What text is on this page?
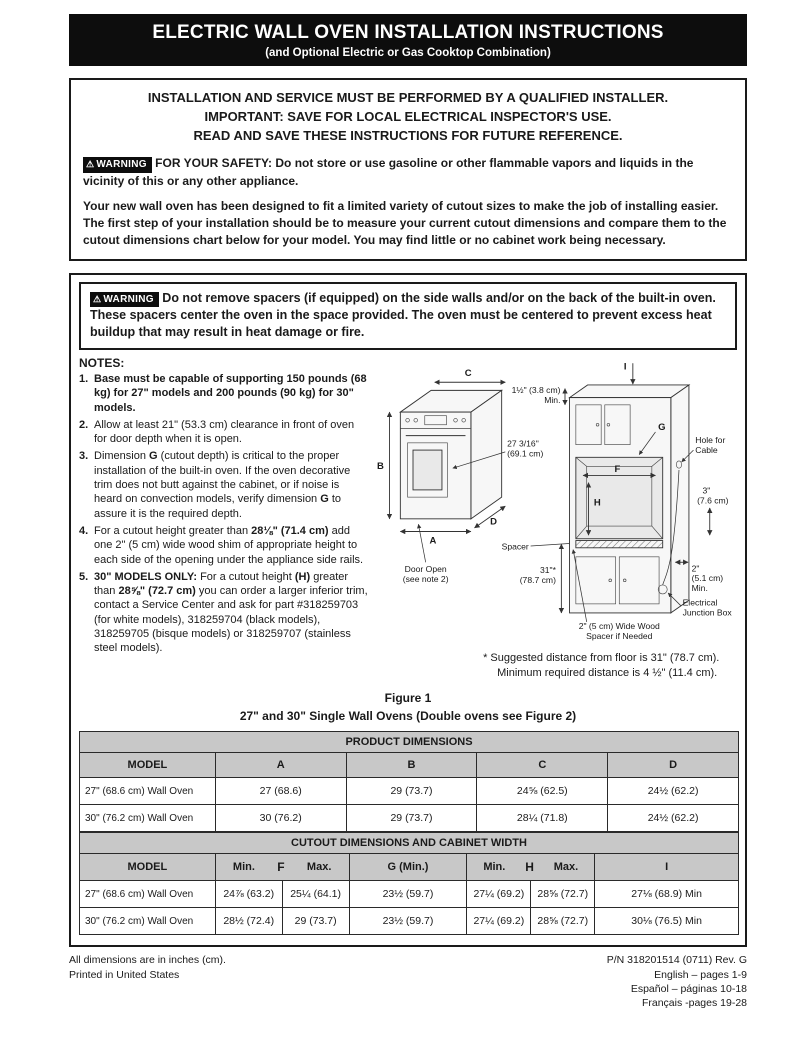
ELECTRIC WALL OVEN INSTALLATION INSTRUCTIONS
(and Optional Electric or Gas Cooktop Combination)
INSTALLATION AND SERVICE MUST BE PERFORMED BY A QUALIFIED INSTALLER.
IMPORTANT: SAVE FOR LOCAL ELECTRICAL INSPECTOR'S USE.
READ AND SAVE THESE INSTRUCTIONS FOR FUTURE REFERENCE.

⚠ WARNING FOR YOUR SAFETY: Do not store or use gasoline or other flammable vapors and liquids in the vicinity of this or any other appliance.

Your new wall oven has been designed to fit a limited variety of cutout sizes to make the job of installing easier. The first step of your installation should be to measure your current cutout dimensions and compare them to the cutout dimensions chart below for your model. You may find little or no cabinet work being necessary.

⚠ WARNING Do not remove spacers (if equipped) on the side walls and/or on the back of the built-in oven. These spacers center the oven in the space provided. The oven must be centered to prevent excess heat buildup that may result in heat damage or fire.
NOTES:
1. Base must be capable of supporting 150 pounds (68 kg) for 27" models and 200 pounds (90 kg) for 30" models.
2. Allow at least 21" (53.3 cm) clearance in front of oven for door depth when it is open.
3. Dimension G (cutout depth) is critical to the proper installation of the built-in oven. If the oven decorative trim does not butt against the cabinet, or if noise is heard on convection models, verify dimension G to assure it is the required depth.
4. For a cutout height greater than 28⅛" (71.4 cm) add one 2" (5 cm) wide wood shim of appropriate height to each side of the opening under the appliance side rails.
5. 30" MODELS ONLY: For a cutout height (H) greater than 28⅝" (72.7 cm) you can order a larger inferior trim, contact a Service Center and ask for part #318259703 (for white models), 318259704 (black models), 318259705 (bisque models) or 318259707 (stainless steel models).
C
B
A
D
27 3/16"
(69.1 cm)
Door Open
(see note 2)
Spacer
I
1½" (3.8 cm)
Min.
G
F
H
Hole for
Cable
3"
(7.6 cm)
31"*
(78.7 cm)
2"
(5.1 cm)
Min.
Electrical
Junction Box
2" (5 cm) Wide Wood
Spacer if Needed
* Suggested distance from floor is 31" (78.7 cm).
Minimum required distance is 4 ½" (11.4 cm).
Figure 1
27" and 30" Single Wall Ovens (Double ovens see Figure 2)
PRODUCT DIMENSIONS				
MODEL	A	B	C	D
27" (68.6 cm) Wall Oven	27 (68.6)	29 (73.7)	24⅝ (62.5)	24½ (62.2)
30" (76.2 cm) Wall Oven	30 (76.2)	29 (73.7)	28¼ (71.8)	24½ (62.2)
CUTOUT DIMENSIONS AND CABINET WIDTH						
MODEL	Min. F Max.		G (Min.)	Min. H Max.		I
27" (68.6 cm) Wall Oven	24⅞ (63.2)	25¼ (64.1)	23½ (59.7)	27¼ (69.2)	28⅝ (72.7)	27⅛ (68.9) Min
30" (76.2 cm) Wall Oven	28½ (72.4)	29 (73.7)	23½ (59.7)	27¼ (69.2)	28⅝ (72.7)	30⅛ (76.5) Min
All dimensions are in inches (cm).
Printed in United States
P/N 318201514 (0711) Rev. G
English – pages 1-9
Español – páginas 10-18
Français -pages 19-28
